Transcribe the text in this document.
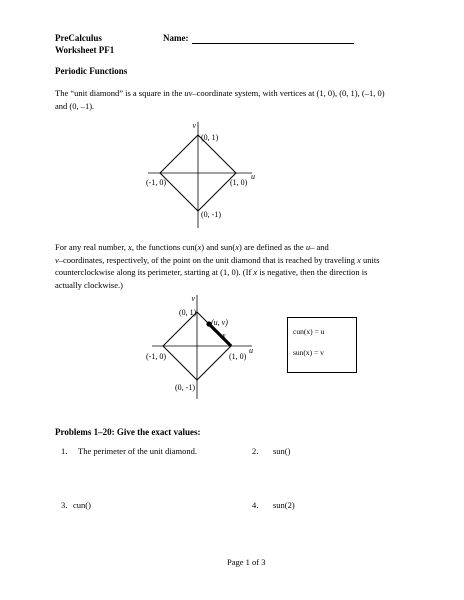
PreCalculus
Worksheet PF1
Name:
Periodic Functions
The “unit diamond” is a square in the uv–coordinate system, with vertices at (1, 0), (0, 1), (–1, 0)
and (0, –1).
v
u
(0, 1)
(-1, 0)	(1, 0)
(0, -1)
For any real number, x, the functions cun(x) and sun(x) are defined as the u– and
v–coordinates, respectively, of the point on the unit diamond that is reached by traveling x units
counterclockwise along its perimeter, starting at (1, 0). (If x is negative, then the direction is
actually clockwise.)
v
u
(0, 1)
(u, v)
x
(-1, 0)	(1, 0)
(0, -1)
cun(x) = u
sun(x) = v
Problems 1–20: Give the exact values:
1. The perimeter of the unit diamond.	2. sun()
3. cun()	4. sun(2)
Page 1 of 3
